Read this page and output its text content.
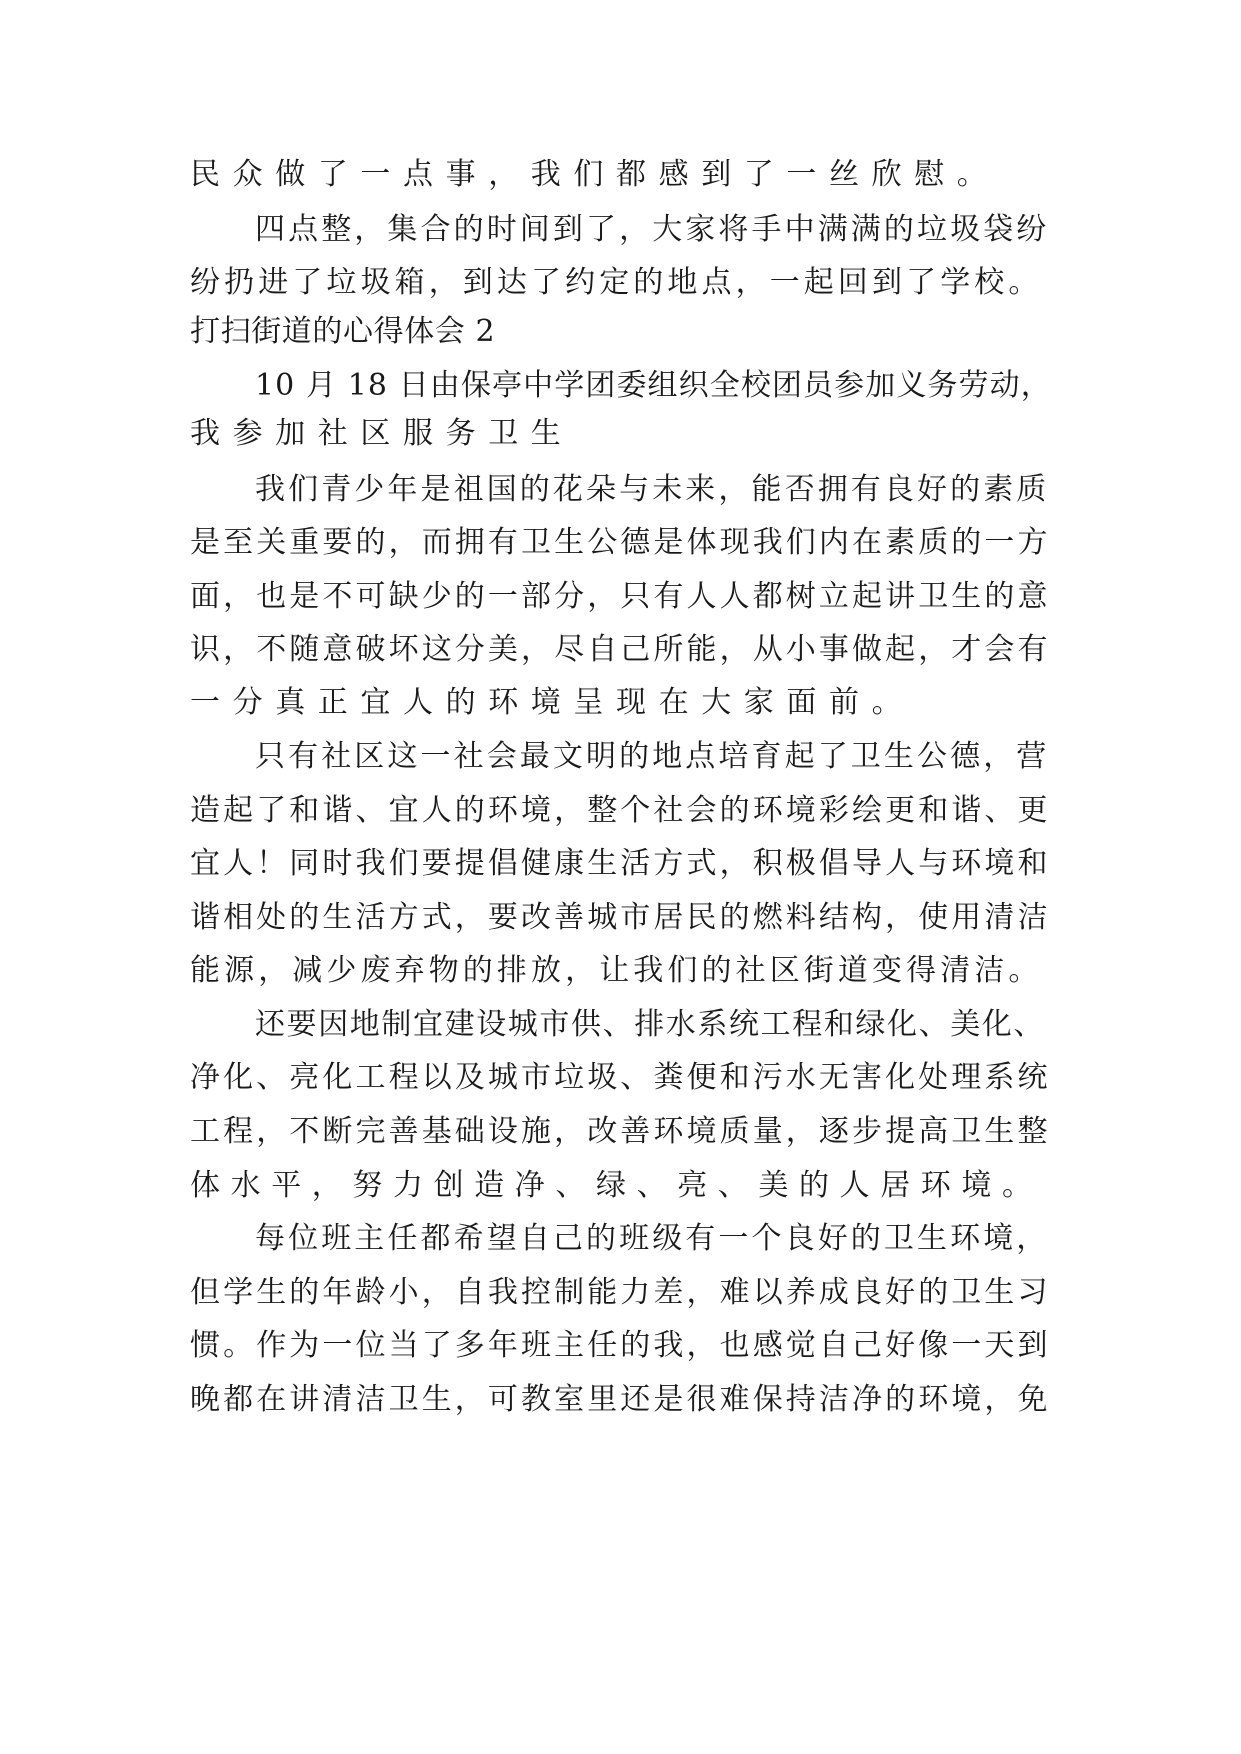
民众做了一点事，我们都感到了一丝欣慰。

四点整，集合的时间到了，大家将手中满满的垃圾袋纷

纷扔进了垃圾箱，到达了约定的地点，一起回到了学校。

打扫街道的心得体会 2

10 月 18 日由保亭中学团委组织全校团员参加义务劳动，

我参加社区服务卫生

我们青少年是祖国的花朵与未来，能否拥有良好的素质

是至关重要的，而拥有卫生公德是体现我们内在素质的一方

面，也是不可缺少的一部分，只有人人都树立起讲卫生的意

识，不随意破坏这分美，尽自己所能，从小事做起，才会有

一分真正宜人的环境呈现在大家面前。

只有社区这一社会最文明的地点培育起了卫生公德，营

造起了和谐、宜人的环境，整个社会的环境彩绘更和谐、更

宜人！同时我们要提倡健康生活方式，积极倡导人与环境和

谐相处的生活方式，要改善城市居民的燃料结构，使用清洁

能源，减少废弃物的排放，让我们的社区街道变得清洁。

还要因地制宜建设城市供、排水系统工程和绿化、美化、

净化、亮化工程以及城市垃圾、粪便和污水无害化处理系统

工程，不断完善基础设施，改善环境质量，逐步提高卫生整

体水平，努力创造净、绿、亮、美的人居环境。

每位班主任都希望自己的班级有一个良好的卫生环境，

但学生的年龄小，自我控制能力差，难以养成良好的卫生习

惯。作为一位当了多年班主任的我，也感觉自己好像一天到

晚都在讲清洁卫生，可教室里还是很难保持洁净的环境，免
